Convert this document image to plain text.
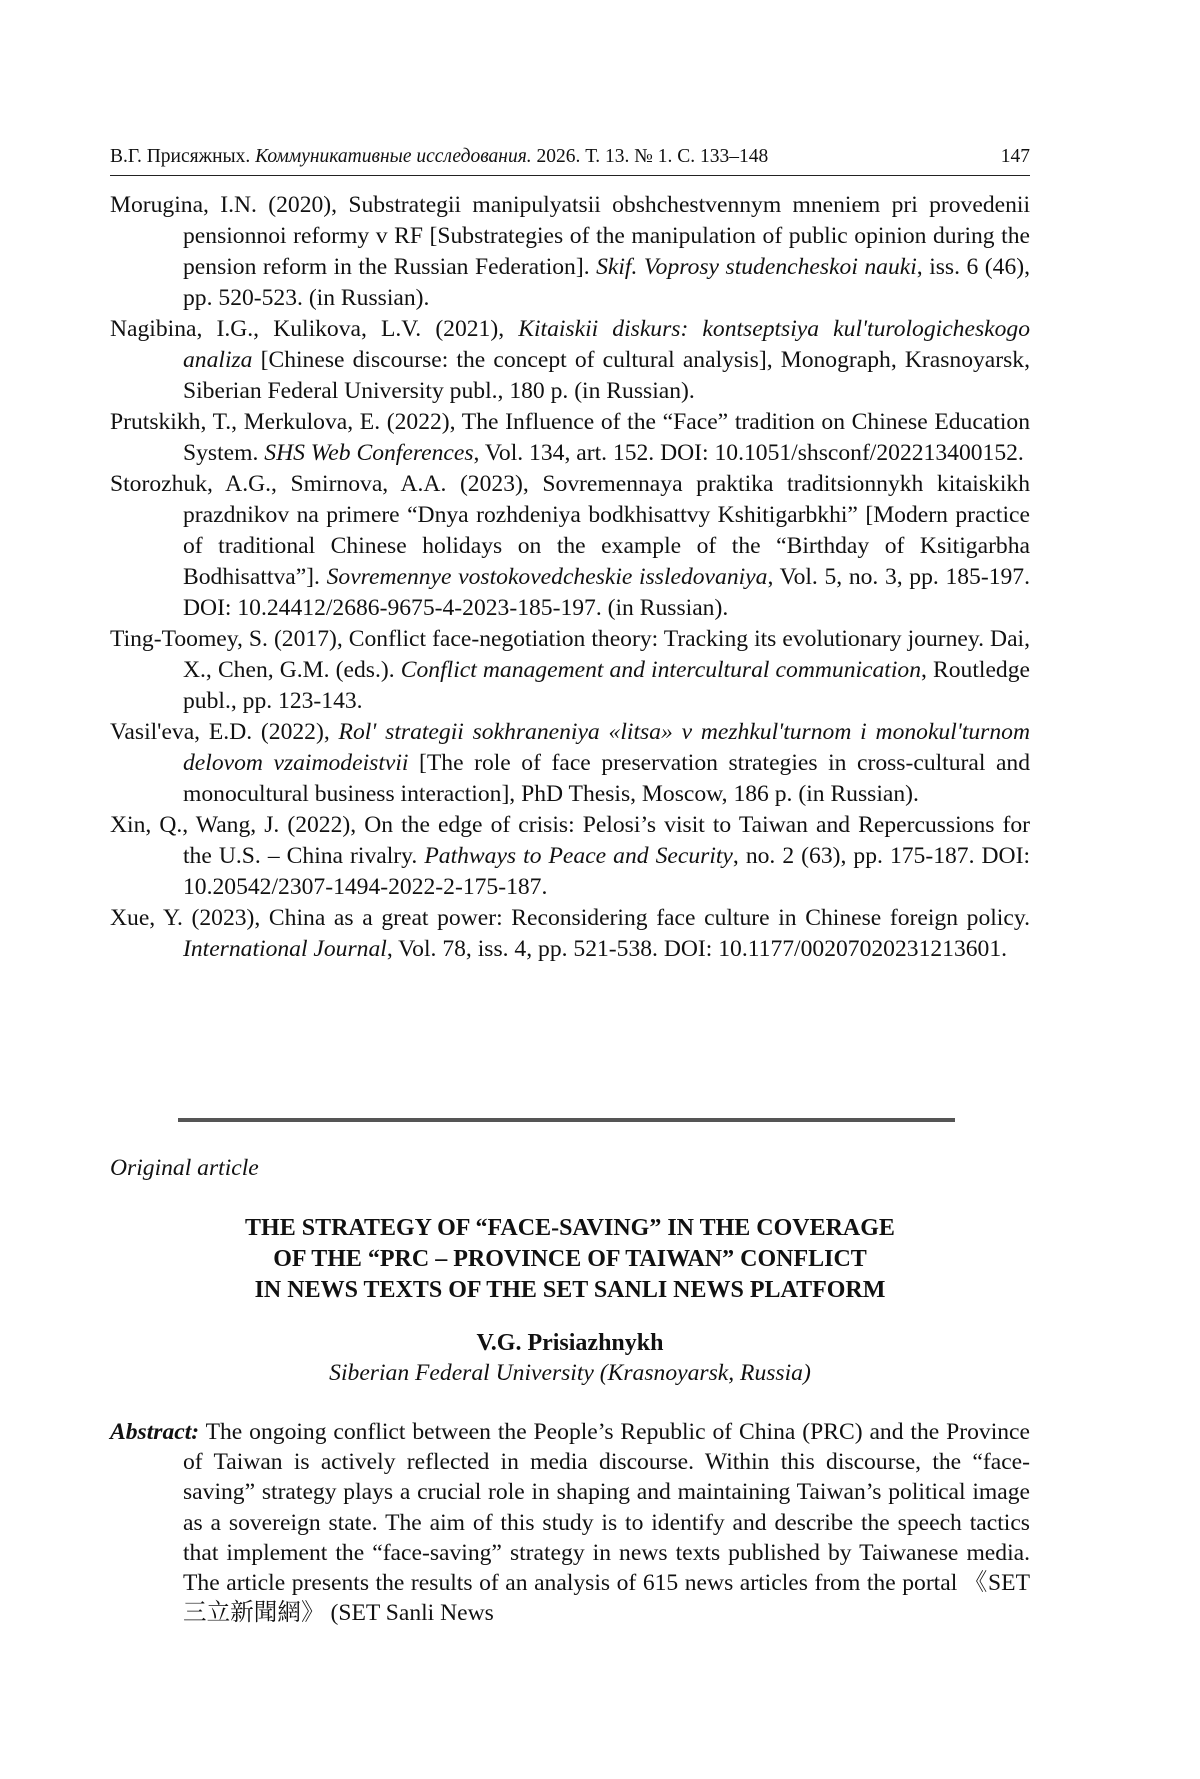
В.Г. Присяжных. Коммуникативные исследования. 2026. Т. 13. № 1. С. 133–148	147

Morugina, I.N. (2020), Substrategii manipulyatsii obshchestvennym mneniem pri provedenii pensionnoi reformy v RF [Substrategies of the manipulation of public opinion during the pension reform in the Russian Federation]. Skif. Voprosy studencheskoi nauki, iss. 6 (46), pp. 520-523. (in Russian).

Nagibina, I.G., Kulikova, L.V. (2021), Kitaiskii diskurs: kontseptsiya kul'turologicheskogo analiza [Chinese discourse: the concept of cultural analysis], Monograph, Krasnoyarsk, Siberian Federal University publ., 180 p. (in Russian).

Prutskikh, T., Merkulova, E. (2022), The Influence of the “Face” tradition on Chinese Education System. SHS Web Conferences, Vol. 134, art. 152. DOI: 10.1051/shsconf/202213400152.

Storozhuk, A.G., Smirnova, A.A. (2023), Sovremennaya praktika traditsionnykh kitaiskikh prazdnikov na primere “Dnya rozhdeniya bodkhisattvy Kshitigarbkhi” [Modern practice of traditional Chinese holidays on the example of the “Birthday of Ksitigarbha Bodhisattva”]. Sovremennye vostokovedcheskie issledovaniya, Vol. 5, no. 3, pp. 185-197. DOI: 10.24412/2686-9675-4-2023-185-197. (in Russian).

Ting-Toomey, S. (2017), Conflict face-negotiation theory: Tracking its evolutionary journey. Dai, X., Chen, G.M. (eds.). Conflict management and intercultural communication, Routledge publ., pp. 123-143.

Vasil'eva, E.D. (2022), Rol' strategii sokhraneniya «litsa» v mezhkul'turnom i monokul'turnom delovom vzaimodeistvii [The role of face preservation strategies in cross-cultural and monocultural business interaction], PhD Thesis, Moscow, 186 p. (in Russian).

Xin, Q., Wang, J. (2022), On the edge of crisis: Pelosi’s visit to Taiwan and Repercussions for the U.S. – China rivalry. Pathways to Peace and Security, no. 2 (63), pp. 175-187. DOI: 10.20542/2307-1494-2022-2-175-187.

Xue, Y. (2023), China as a great power: Reconsidering face culture in Chinese foreign policy. International Journal, Vol. 78, iss. 4, pp. 521-538. DOI: 10.1177/00207020231213601.

Original article
THE STRATEGY OF “FACE-SAVING” IN THE COVERAGE
OF THE “PRC – PROVINCE OF TAIWAN” CONFLICT
IN NEWS TEXTS OF THE SET SANLI NEWS PLATFORM
V.G. Prisiazhnykh
Siberian Federal University (Krasnoyarsk, Russia)

Abstract: The ongoing conflict between the People’s Republic of China (PRC) and the Province of Taiwan is actively reflected in media discourse. Within this discourse, the “face-saving” strategy plays a crucial role in shaping and maintaining Taiwan’s political image as a sovereign state. The aim of this study is to identify and describe the speech tactics that implement the “face-saving” strategy in news texts published by Taiwanese media. The article presents the results of an analysis of 615 news articles from the portal 《SET三立新聞網》 (SET Sanli News
